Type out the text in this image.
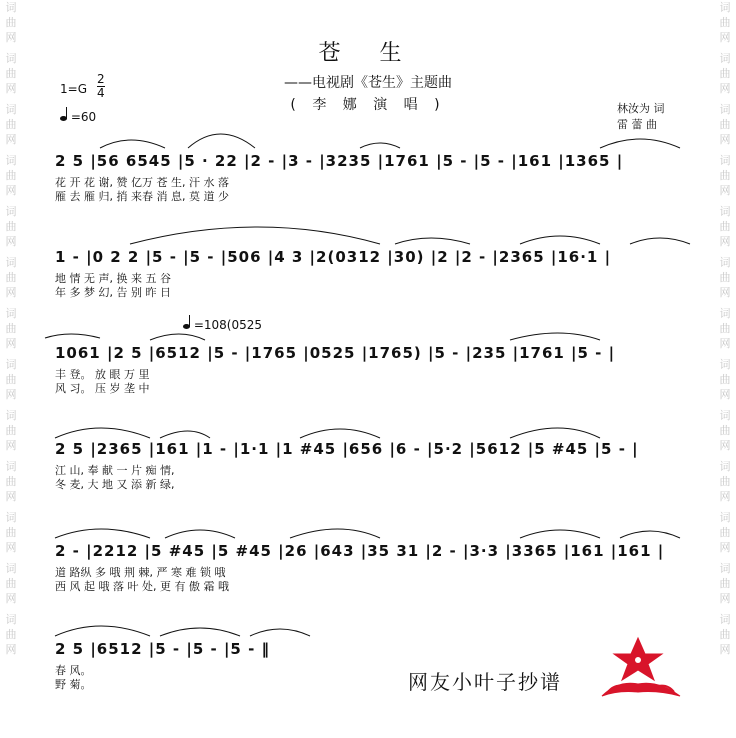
词
曲
网
词
曲
网
词
曲
网
词
曲
网
词
曲
网
词
曲
网
词
曲
网
词
曲
网
词
曲
网
词
曲
网
词
曲
网
词
曲
网
词
曲
网
词
曲
网
词
曲
网
词
曲
网
词
曲
网
词
曲
网
词
曲
网
词
曲
网
词
曲
网
词
曲
网
词
曲
网
词
曲
网
词
曲
网
词
曲
网
苍 生
——电视剧《苍生》主题曲
( 李 娜 演 唱 )
1=G
2
4
=60
林汝为 词
雷 蕾 曲
2 5 |56 6545 |5 · 22 |2 - |3 - |3235 |1761 |5 - |5 - |161 |1365 |
花 开 花 谢, 赞 亿万 苍 生, 汗 水 落
雁 去 雁 归, 捎 来春 消 息, 莫 道 少
1 - |0 2 2 |5 - |5 - |506 |4 3 |2(0312 |30) |2 |2 - |2365 |16·1 |
地 情 无 声, 换 来 五 谷
年 多 梦 幻, 告 别 昨 日
=108(0525
1061 |2 5 |6512 |5 - |1765 |0525 |1765) |5 - |235 |1761 |5 - |
丰 登。 放 眼 万 里
风 习。 压 岁 垄 中
2 5 |2365 |161 |1 - |1·1 |1 #45 |656 |6 - |5·2 |5612 |5 #45 |5 - |
江 山, 奉 献 一 片 痴 情,
冬 麦, 大 地 又 添 新 绿,
2 - |2212 |5 #45 |5 #45 |26 |643 |35 31 |2 - |3·3 |3365 |161 |161 |
道 路纵 多 哦 荆 棘, 严 寒 难 锁 哦
西 风 起 哦 落 叶 处, 更 有 傲 霜 哦
2 5 |6512 |5 - |5 - |5 - ‖
春 风。
野 菊。	网友小叶子抄谱
